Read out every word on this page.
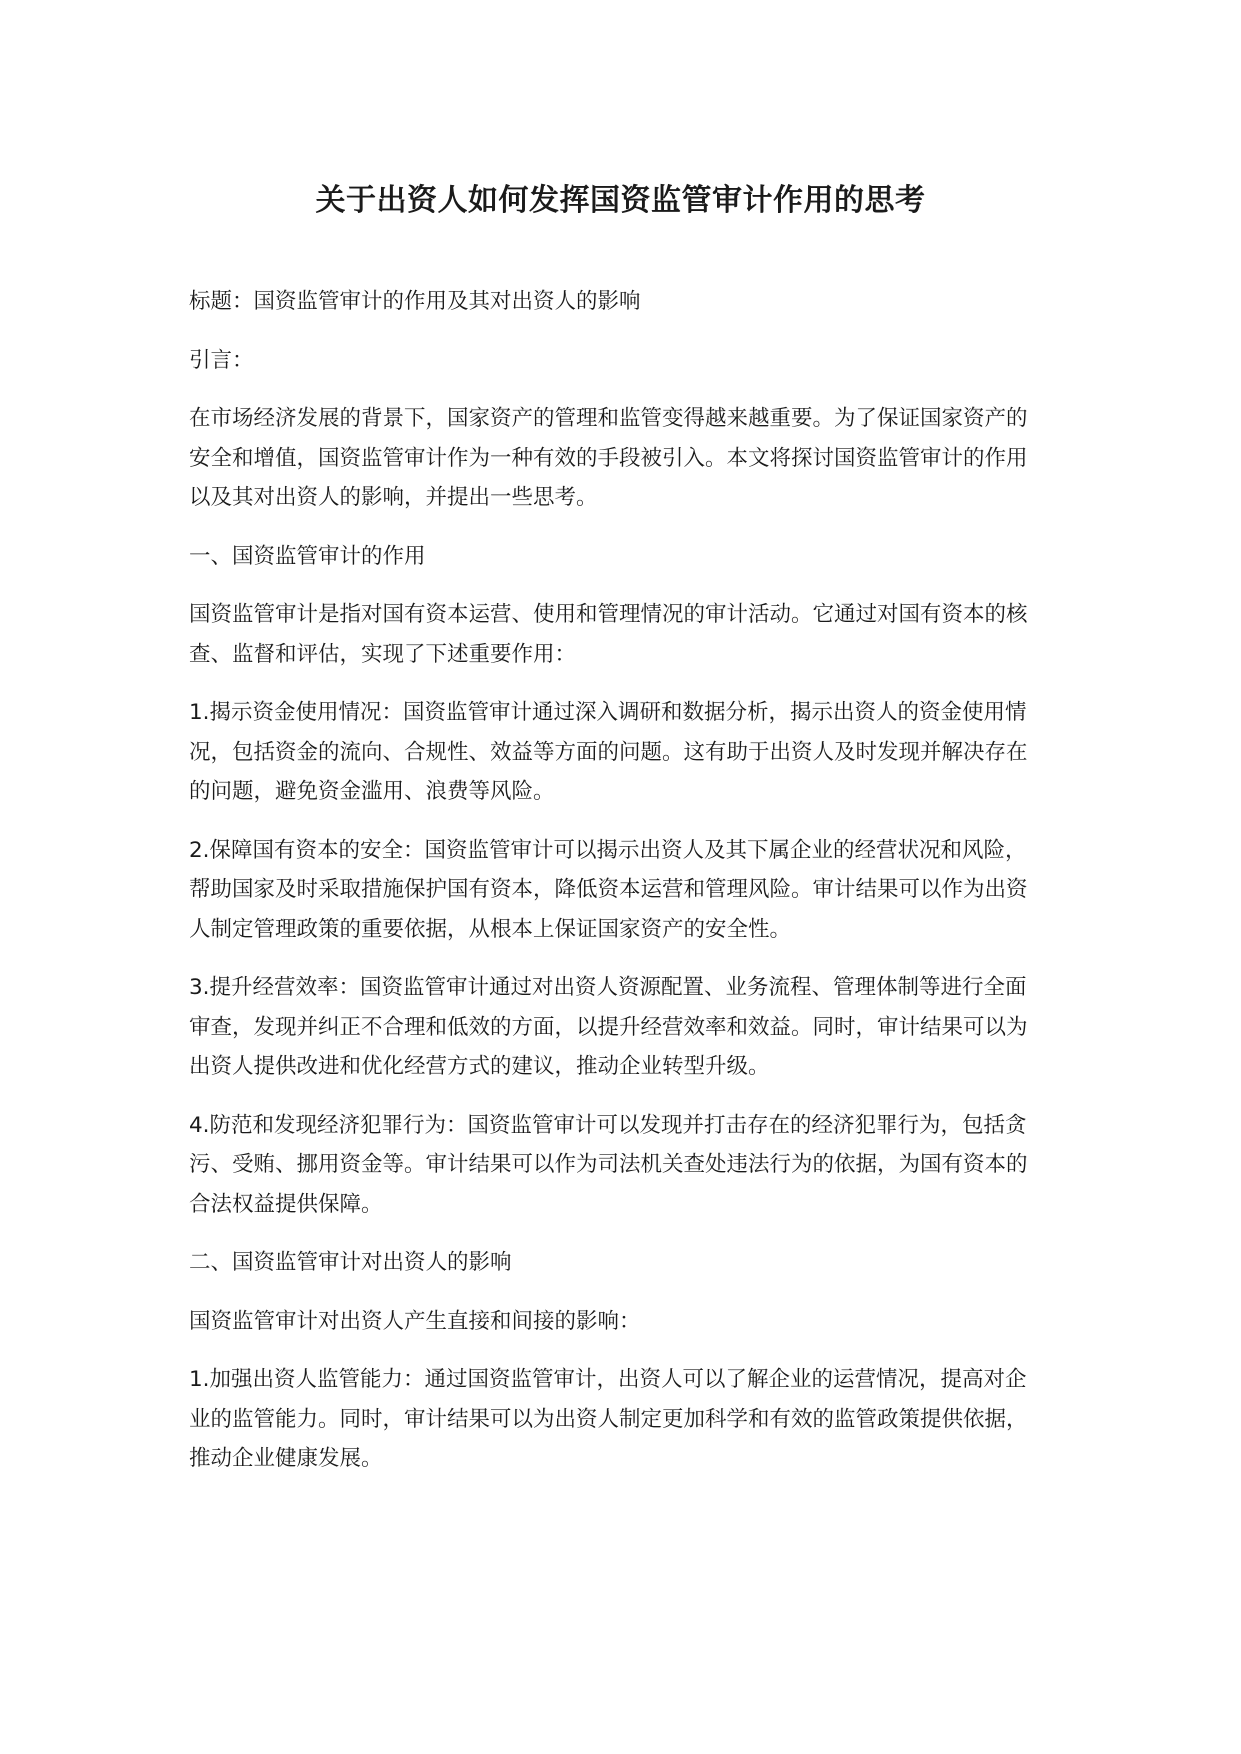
关于出资人如何发挥国资监管审计作用的思考

标题：国资监管审计的作用及其对出资人的影响

引言：

在市场经济发展的背景下，国家资产的管理和监管变得越来越重要。为了保证国家资产的安全和增值，国资监管审计作为一种有效的手段被引入。本文将探讨国资监管审计的作用以及其对出资人的影响，并提出一些思考。

一、国资监管审计的作用

国资监管审计是指对国有资本运营、使用和管理情况的审计活动。它通过对国有资本的核查、监督和评估，实现了下述重要作用：

1.揭示资金使用情况：国资监管审计通过深入调研和数据分析，揭示出资人的资金使用情况，包括资金的流向、合规性、效益等方面的问题。这有助于出资人及时发现并解决存在的问题，避免资金滥用、浪费等风险。

2.保障国有资本的安全：国资监管审计可以揭示出资人及其下属企业的经营状况和风险，帮助国家及时采取措施保护国有资本，降低资本运营和管理风险。审计结果可以作为出资人制定管理政策的重要依据，从根本上保证国家资产的安全性。

3.提升经营效率：国资监管审计通过对出资人资源配置、业务流程、管理体制等进行全面审查，发现并纠正不合理和低效的方面，以提升经营效率和效益。同时，审计结果可以为出资人提供改进和优化经营方式的建议，推动企业转型升级。

4.防范和发现经济犯罪行为：国资监管审计可以发现并打击存在的经济犯罪行为，包括贪污、受贿、挪用资金等。审计结果可以作为司法机关查处违法行为的依据，为国有资本的合法权益提供保障。

二、国资监管审计对出资人的影响

国资监管审计对出资人产生直接和间接的影响：

1.加强出资人监管能力：通过国资监管审计，出资人可以了解企业的运营情况，提高对企业的监管能力。同时，审计结果可以为出资人制定更加科学和有效的监管政策提供依据，推动企业健康发展。
